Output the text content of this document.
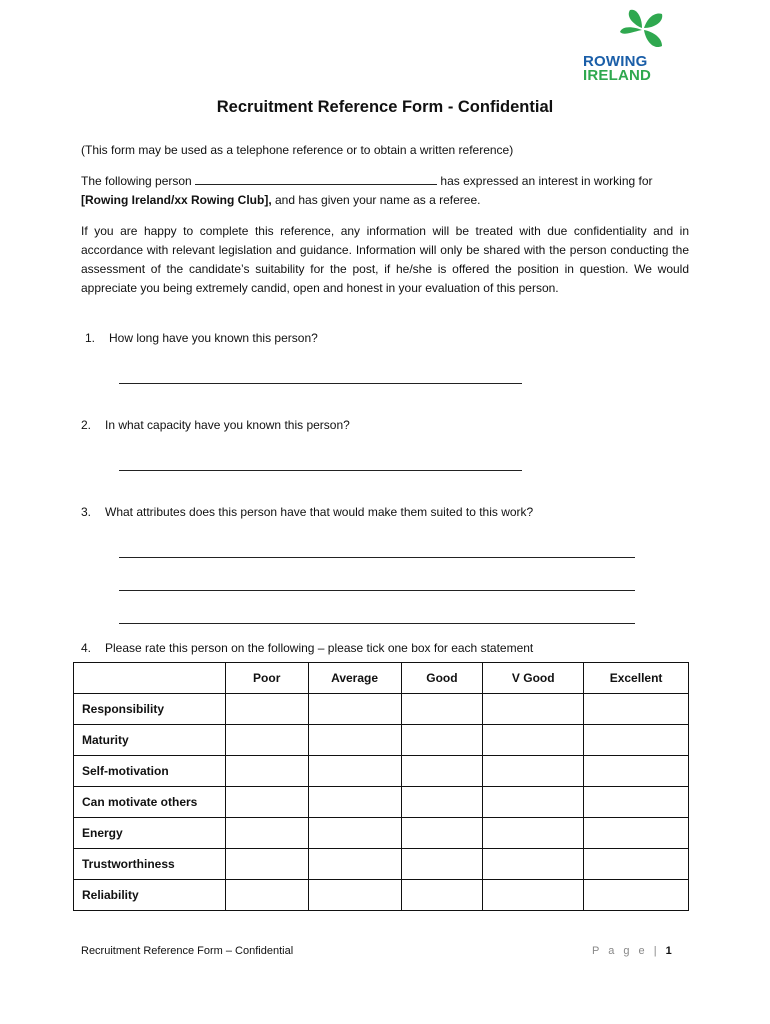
ROWING
IRELAND
Recruitment Reference Form - Confidential

(This form may be used as a telephone reference or to obtain a written reference)

The following person	has expressed an interest in working for
[Rowing Ireland/xx Rowing Club], and has given your name as a referee.

If you are happy to complete this reference, any information will be treated with due confidentiality and in accordance with relevant legislation and guidance. Information will only be shared with the person conducting the assessment of the candidate’s suitability for the post, if he/she is offered the position in question. We would appreciate you being extremely candid, open and honest in your evaluation of this person.

1. How long have you known this person?
2. In what capacity have you known this person?
3. What attributes does this person have that would make them suited to this work?
4. Please rate this person on the following – please tick one box for each statement
	Poor	Average	Good	V Good	Excellent
Responsibility					
Maturity					
Self-motivation					
Can motivate others					
Energy					
Trustworthiness					
Reliability					
Recruitment Reference Form – Confidential	P a g e | 1
